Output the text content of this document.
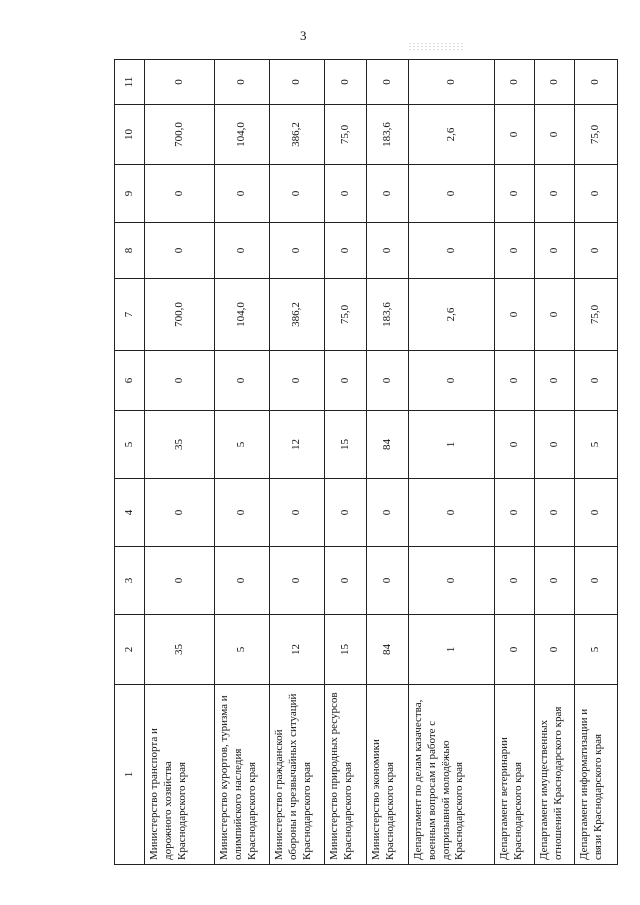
3
1	2	3	4	5	6	7	8	9	10	11
Министерство транспорта и дорожного хозяйства Краснодарского края	35	0	0	35	0	700,0	0	0	700,0	0
Министерство курортов, туризма и олимпийского наследия Краснодарского края	5	0	0	5	0	104,0	0	0	104,0	0
Министерство гражданской обороны и чрезвычайных ситуаций Краснодарского края	12	0	0	12	0	386,2	0	0	386,2	0
Министерство природных ресурсов Краснодарского края	15	0	0	15	0	75,0	0	0	75,0	0
Министерство экономики Краснодарского края	84	0	0	84	0	183,6	0	0	183,6	0
Департамент по делам казачества, военным вопросам и работе с допризывной молодёжью Краснодарского края	1	0	0	1	0	2,6	0	0	2,6	0
Департамент ветеринарии Краснодарского края	0	0	0	0	0	0	0	0	0	0
Департамент имущественных отношений Краснодарского края	0	0	0	0	0	0	0	0	0	0
Департамент информатизации и связи Краснодарского края	5	0	0	5	0	75,0	0	0	75,0	0
